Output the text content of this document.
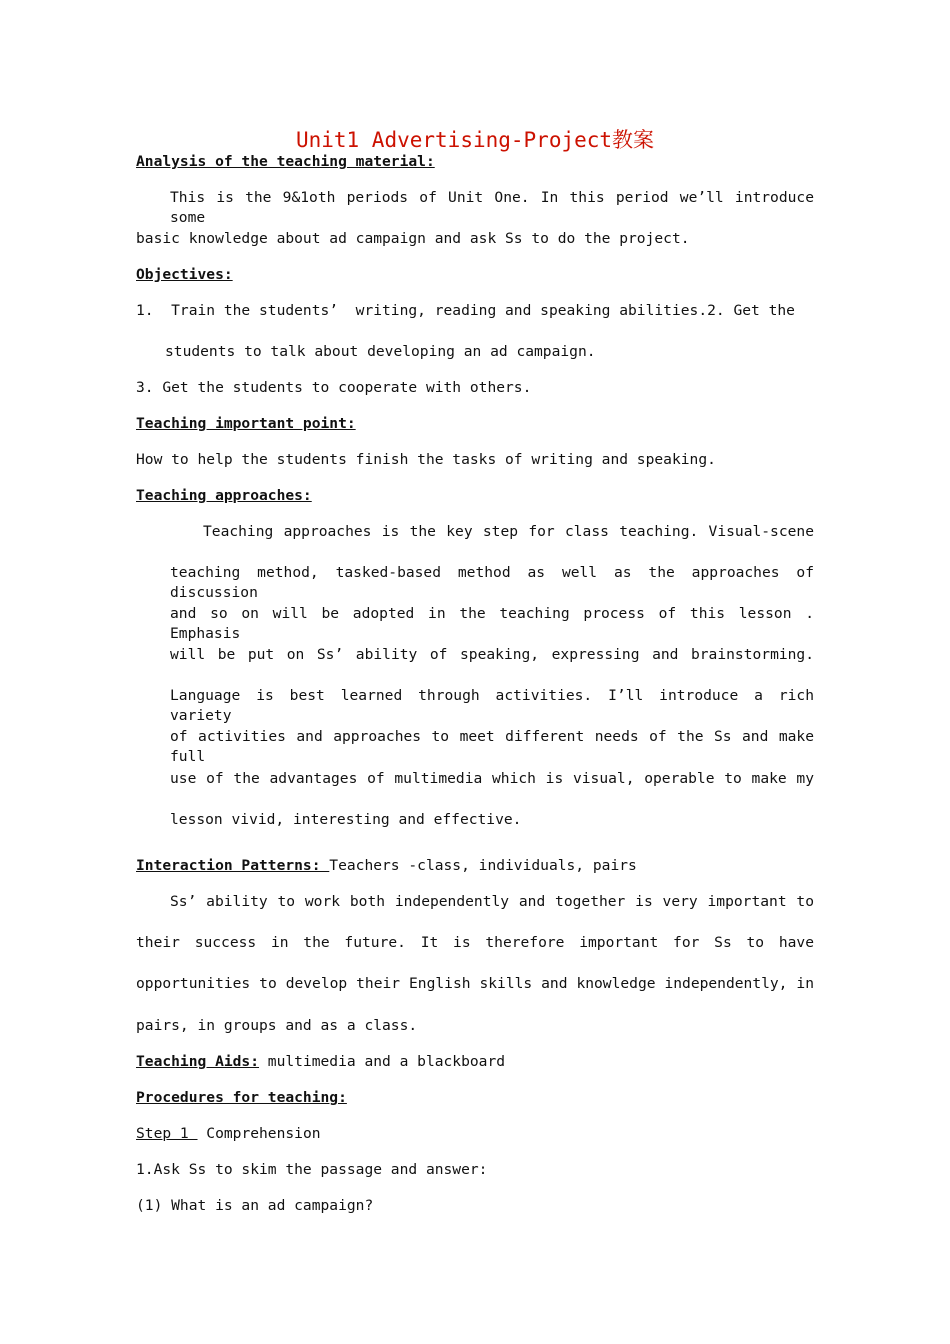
Unit1 Advertising-Project教案
Analysis of the teaching material:
This is the 9&1oth periods of Unit One. In this period we’ll introduce some
basic knowledge about ad campaign and ask Ss to do the project.
Objectives:
1.  Train the students’  writing, reading and speaking abilities.2. Get the
students to talk about developing an ad campaign.
3. Get the students to cooperate with others.
Teaching important point:
How to help the students finish the tasks of writing and speaking.
Teaching approaches:
Teaching approaches is the key step for class teaching. Visual-scene
teaching method, tasked-based method as well as the approaches of discussion
and so on will be adopted in the teaching process of this lesson . Emphasis
will be put on Ss’ ability of speaking, expressing and brainstorming.
Language is best learned through activities. I’ll introduce a rich variety
of activities and approaches to meet different needs of the Ss and make full
use of the advantages of multimedia which is visual, operable to make my
lesson vivid, interesting and effective.
Interaction Patterns: Teachers -class, individuals, pairs
Ss’ ability to work both independently and together is very important to
their success in the future. It is therefore important for Ss to have
opportunities to develop their English skills and knowledge independently, in
pairs, in groups and as a class.
Teaching Aids: multimedia and a blackboard
Procedures for teaching:
Step 1  Comprehension
1.Ask Ss to skim the passage and answer:
(1) What is an ad campaign?
